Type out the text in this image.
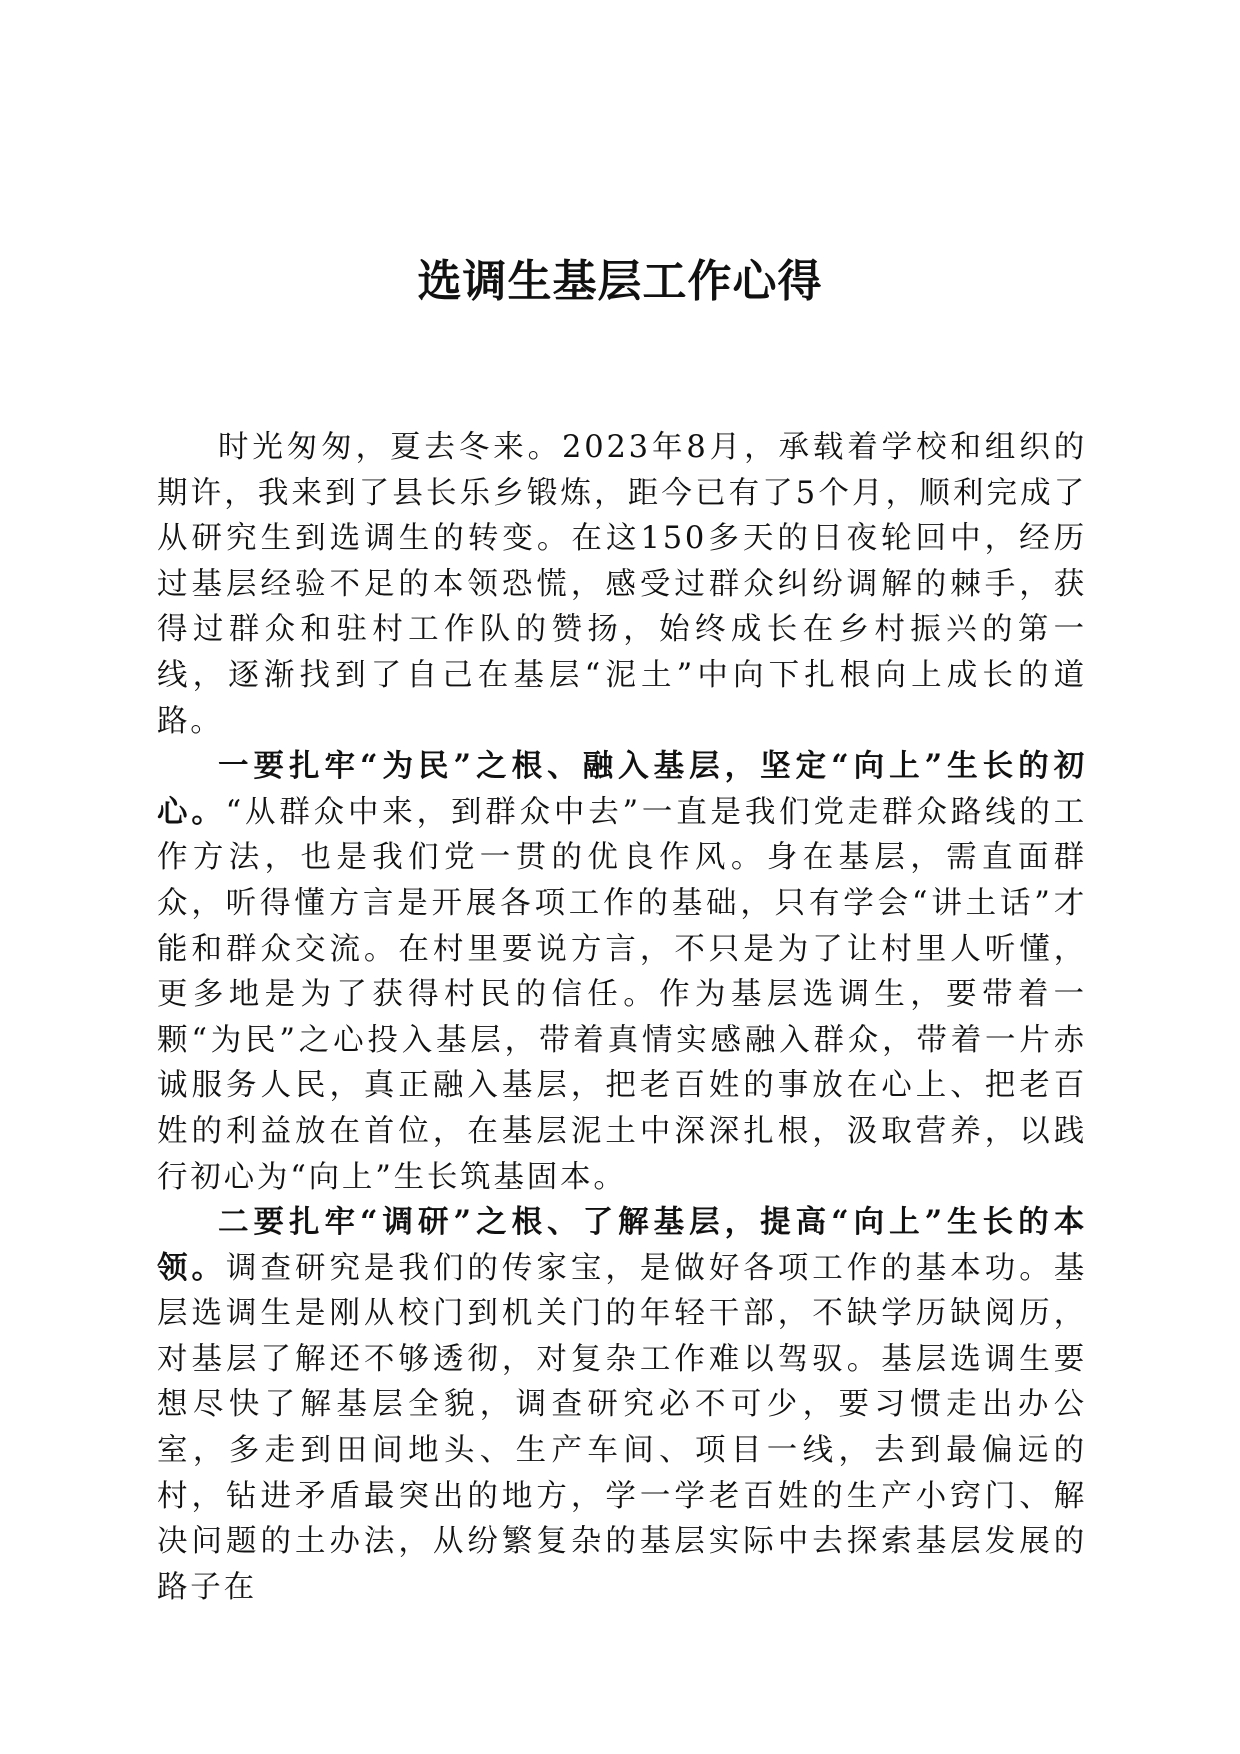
选调生基层工作心得

时光匆匆，夏去冬来。2023年8月，承载着学校和组织的期许，我来到了县长乐乡锻炼，距今已有了5个月，顺利完成了从研究生到选调生的转变。在这150多天的日夜轮回中，经历过基层经验不足的本领恐慌，感受过群众纠纷调解的棘手，获得过群众和驻村工作队的赞扬，始终成长在乡村振兴的第一线，逐渐找到了自己在基层“泥土”中向下扎根向上成长的道路。

一要扎牢“为民”之根、融入基层，坚定“向上”生长的初心。“从群众中来，到群众中去”一直是我们党走群众路线的工作方法，也是我们党一贯的优良作风。身在基层，需直面群众，听得懂方言是开展各项工作的基础，只有学会“讲土话”才能和群众交流。在村里要说方言，不只是为了让村里人听懂，更多地是为了获得村民的信任。作为基层选调生，要带着一颗“为民”之心投入基层，带着真情实感融入群众，带着一片赤诚服务人民，真正融入基层，把老百姓的事放在心上、把老百姓的利益放在首位，在基层泥土中深深扎根，汲取营养，以践行初心为“向上”生长筑基固本。

二要扎牢“调研”之根、了解基层，提高“向上”生长的本领。调查研究是我们的传家宝，是做好各项工作的基本功。基层选调生是刚从校门到机关门的年轻干部，不缺学历缺阅历，对基层了解还不够透彻，对复杂工作难以驾驭。基层选调生要想尽快了解基层全貌，调查研究必不可少，要习惯走出办公室，多走到田间地头、生产车间、项目一线，去到最偏远的村，钻进矛盾最突出的地方，学一学老百姓的生产小窍门、解决问题的土办法，从纷繁复杂的基层实际中去探索基层发展的路子在
